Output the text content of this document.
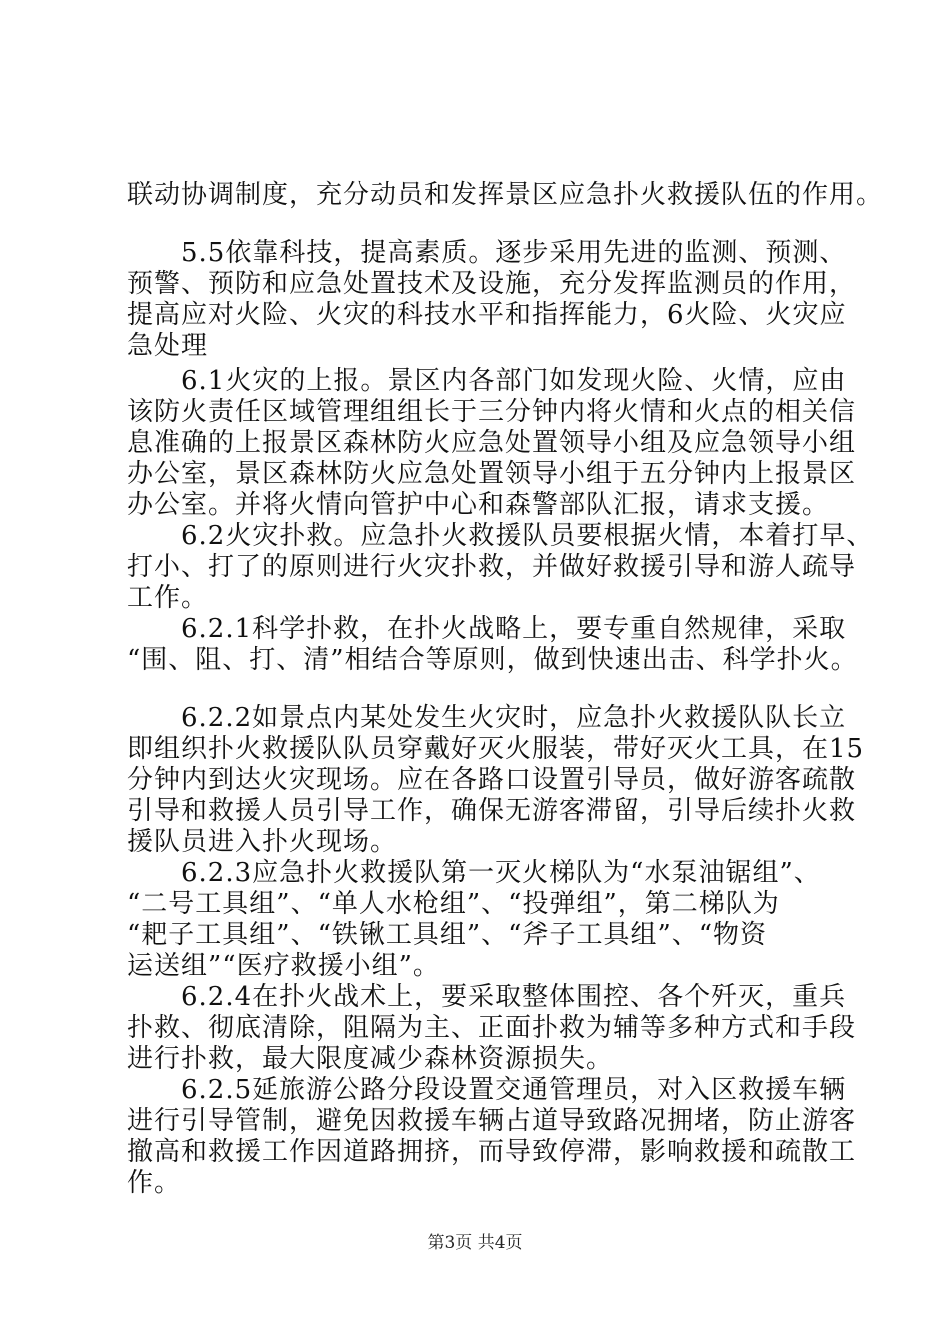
联动协调制度，充分动员和发挥景区应急扑火救援队伍的作用。
　　5.5依靠科技，提高素质。逐步采用先进的监测、预测、
预警、预防和应急处置技术及设施，充分发挥监测员的作用，
提高应对火险、火灾的科技水平和指挥能力，6火险、火灾应
急处理
　　6.1火灾的上报。景区内各部门如发现火险、火情，应由
该防火责任区域管理组组长于三分钟内将火情和火点的相关信
息准确的上报景区森林防火应急处置领导小组及应急领导小组
办公室，景区森林防火应急处置领导小组于五分钟内上报景区
办公室。并将火情向管护中心和森警部队汇报，请求支援。
　　6.2火灾扑救。应急扑火救援队员要根据火情，本着打早、
打小、打了的原则进行火灾扑救，并做好救援引导和游人疏导
工作。
　　6.2.1科学扑救，在扑火战略上，要专重自然规律，采取
“围、阻、打、清”相结合等原则，做到快速出击、科学扑火。
　　6.2.2如景点内某处发生火灾时，应急扑火救援队队长立
即组织扑火救援队队员穿戴好灭火服装，带好灭火工具，在15
分钟内到达火灾现场。应在各路口设置引导员，做好游客疏散
引导和救援人员引导工作，确保无游客滞留，引导后续扑火救
援队员进入扑火现场。
　　6.2.3应急扑火救援队第一灭火梯队为“水泵油锯组”、
“二号工具组”、“单人水枪组”、“投弹组”，第二梯队为
“耙子工具组”、“铁锹工具组”、“斧子工具组”、“物资
运送组”“医疗救援小组”。
　　6.2.4在扑火战术上，要采取整体围控、各个歼灭，重兵
扑救、彻底清除，阻隔为主、正面扑救为辅等多种方式和手段
进行扑救，最大限度减少森林资源损失。
　　6.2.5延旅游公路分段设置交通管理员，对入区救援车辆
进行引导管制，避免因救援车辆占道导致路况拥堵，防止游客
撤高和救援工作因道路拥挤，而导致停滞，影响救援和疏散工
作。
第3页 共4页
